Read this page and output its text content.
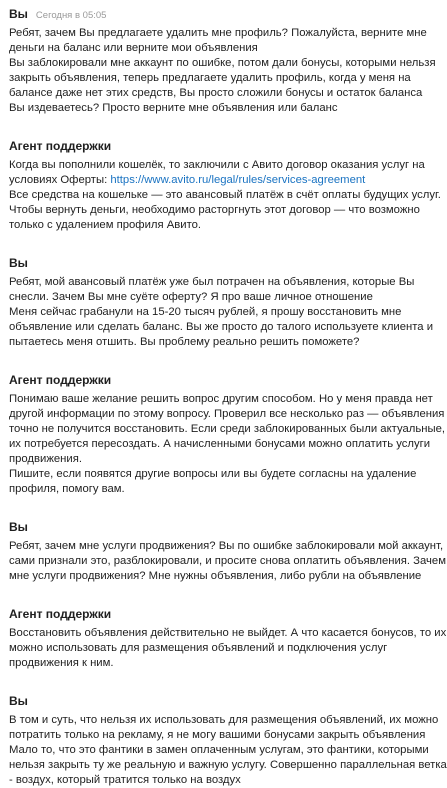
Вы Сегодня в 05:05
Ребят, зачем Вы предлагаете удалить мне профиль? Пожалуйста, верните мне
деньги на баланс или верните мои объявления
Вы заблокировали мне аккаунт по ошибке, потом дали бонусы, которыми нельзя
закрыть объявления, теперь предлагаете удалить профиль, когда у меня на
балансе даже нет этих средств, Вы просто сложили бонусы и остаток баланса
Вы издеваетесь? Просто верните мне объявления или баланс
Агент поддержки
Когда вы пополнили кошелёк, то заключили с Авито договор оказания услуг на
условиях Оферты: https://www.avito.ru/legal/rules/services-agreement
Все средства на кошельке — это авансовый платёж в счёт оплаты будущих услуг.
Чтобы вернуть деньги, необходимо расторгнуть этот договор — что возможно
только с удалением профиля Авито.
Вы
Ребят, мой авансовый платёж уже был потрачен на объявления, которые Вы
снесли. Зачем Вы мне суёте оферту? Я про ваше личное отношение
Меня сейчас грабанули на 15-20 тысяч рублей, я прошу восстановить мне
объявление или сделать баланс. Вы же просто до талого используете клиента и
пытаетесь меня отшить. Вы проблему реально решить поможете?
Агент поддержки
Понимаю ваше желание решить вопрос другим способом. Но у меня правда нет
другой информации по этому вопросу. Проверил все несколько раз — объявления
точно не получится восстановить. Если среди заблокированных были актуальные,
их потребуется пересоздать. А начисленными бонусами можно оплатить услуги
продвижения.
Пишите, если появятся другие вопросы или вы будете согласны на удаление
профиля, помогу вам.
Вы
Ребят, зачем мне услуги продвижения? Вы по ошибке заблокировали мой аккаунт,
сами признали это, разблокировали, и просите снова оплатить объявления. Зачем
мне услуги продвижения? Мне нужны объявления, либо рубли на объявление
Агент поддержки
Восстановить объявления действительно не выйдет. А что касается бонусов, то их
можно использовать для размещения объявлений и подключения услуг
продвижения к ним.
Вы
В том и суть, что нельзя их использовать для размещения объявлений, их можно
потратить только на рекламу, я не могу вашими бонусами закрыть объявления
Мало то, что это фантики в замен оплаченным услугам, это фантики, которыми
нельзя закрыть ту же реальную и важную услугу. Совершенно параллельная ветка
- воздух, который тратится только на воздух
